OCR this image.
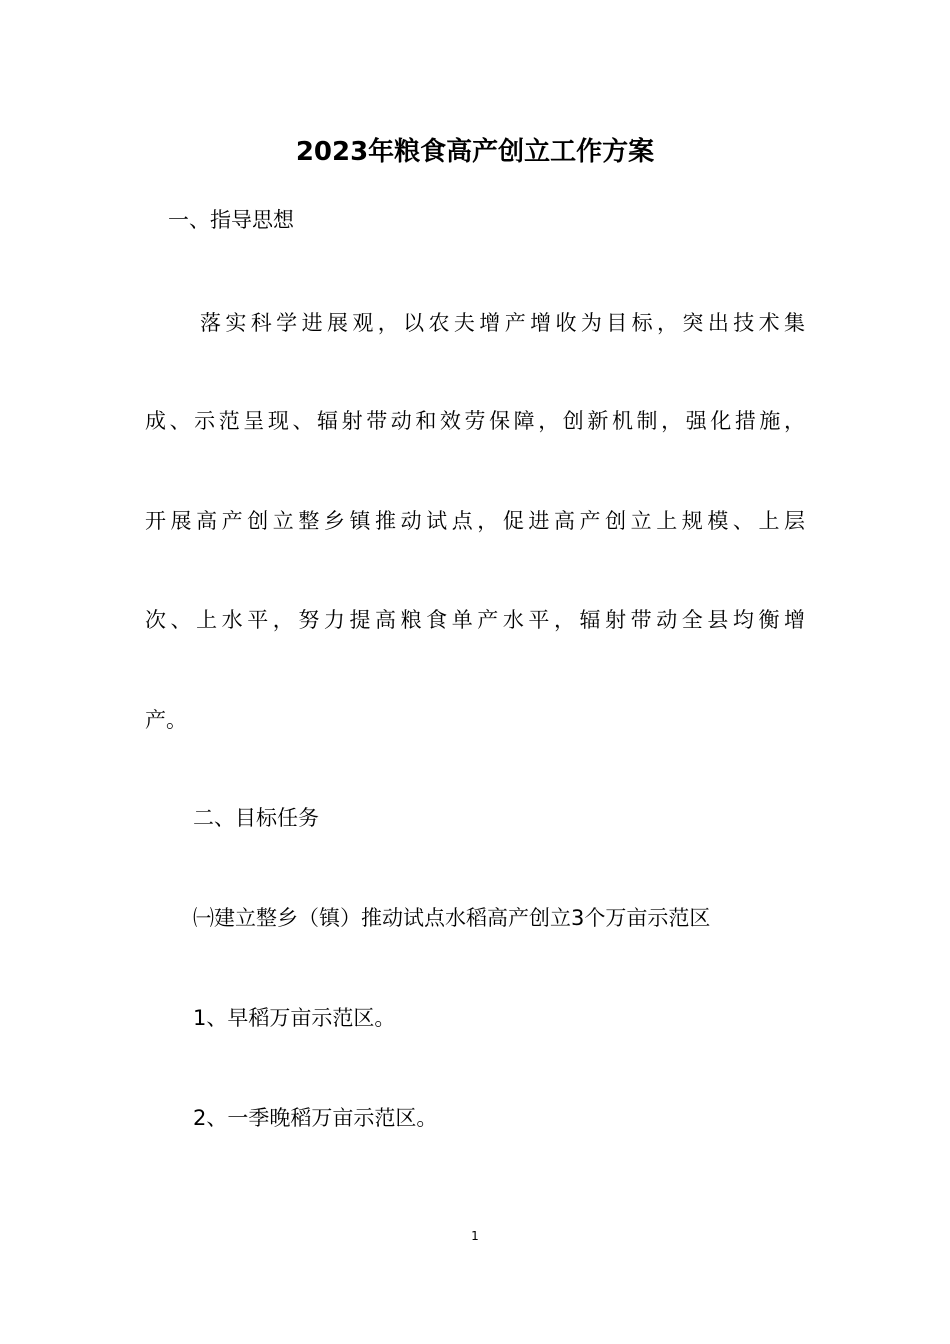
2023年粮食高产创立工作方案
一、指导思想
落实科学进展观，以农夫增产增收为目标，突出技术集
成、示范呈现、辐射带动和效劳保障，创新机制，强化措施，
开展高产创立整乡镇推动试点，促进高产创立上规模、上层
次、上水平，努力提高粮食单产水平，辐射带动全县均衡增
产。
二、目标任务
㈠建立整乡（镇）推动试点水稻高产创立3个万亩示范区
1、早稻万亩示范区。
2、一季晚稻万亩示范区。
1
